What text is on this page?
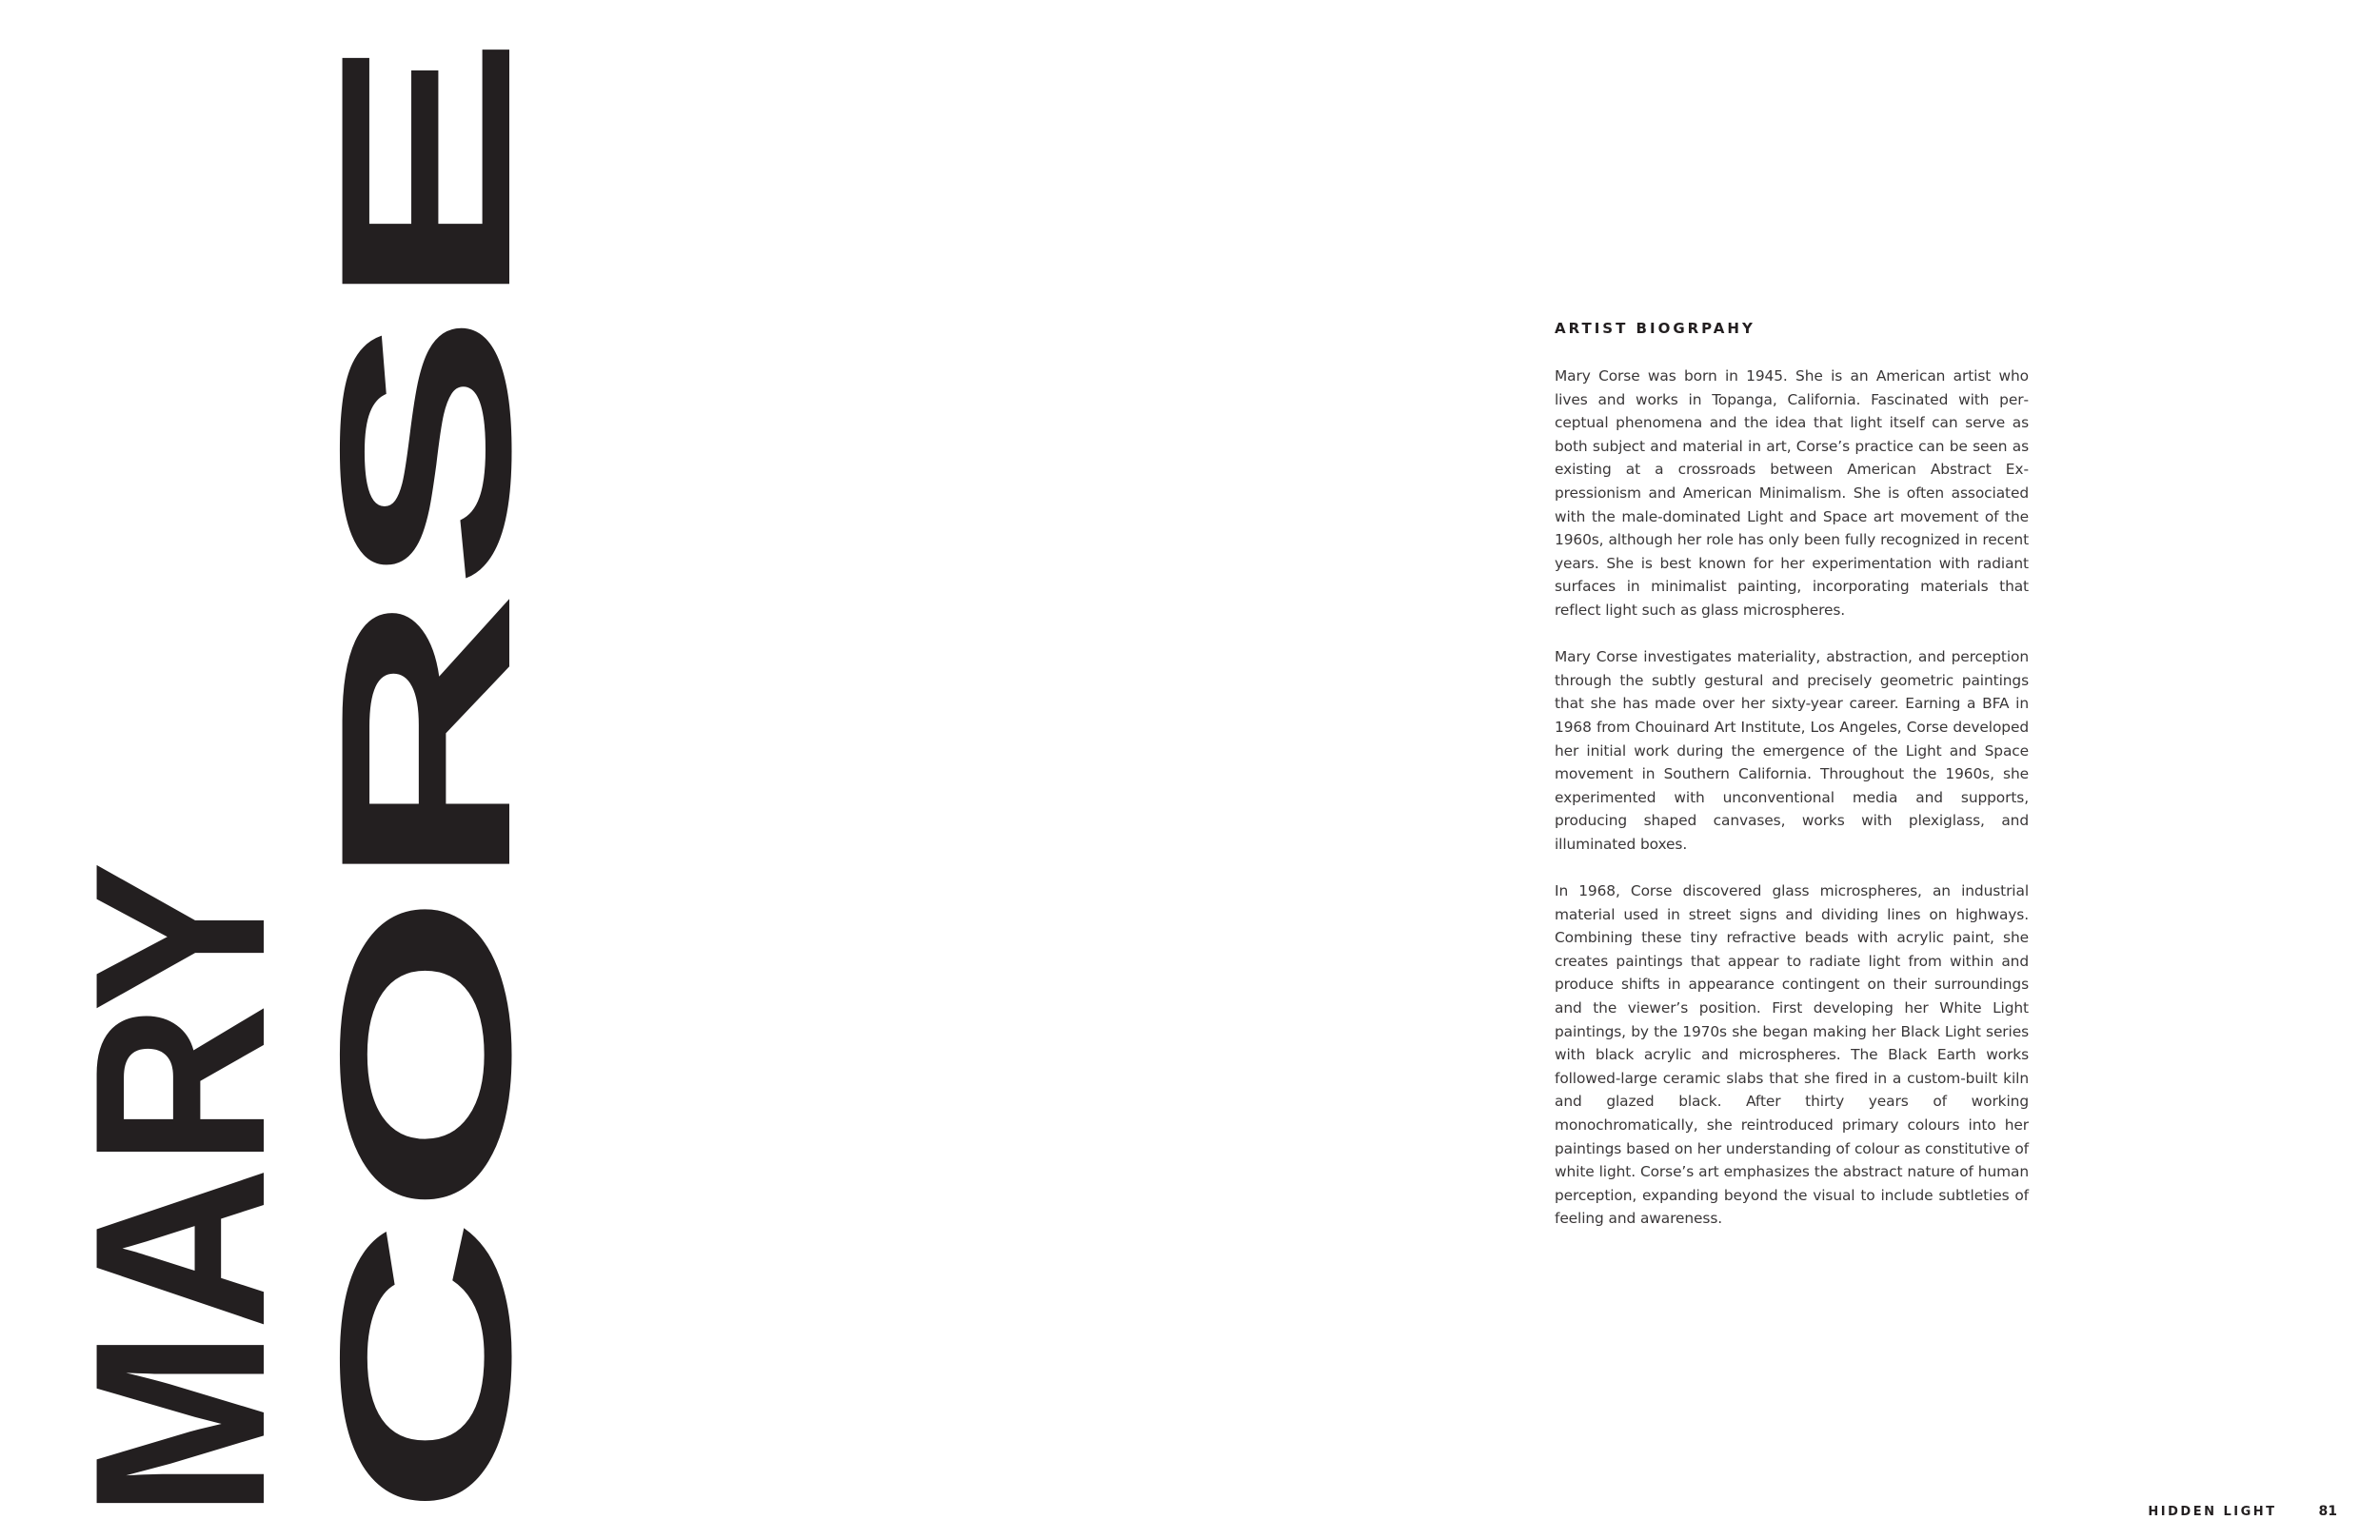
MARY
CORSE
ARTIST BIOGRPAHY

Mary Corse was born in 1945. She is an American artist who lives and works in Topanga, California. Fascinated with perceptual phenomena and the idea that light itself can serve as both subject and material in art, Corse’s practice can be seen as existing at a crossroads between American Abstract Expressionism and American Minimalism. She is often associated with the male-dominated Light and Space art movement of the 1960s, although her role has only been fully recognized in recent years. She is best known for her experimentation with radiant surfaces in minimalist painting, incorporating materials that reflect light such as glass microspheres.

Mary Corse investigates materiality, abstraction, and perception through the subtly gestural and precisely geometric paintings that she has made over her sixty-year career. Earning a BFA in 1968 from Chouinard Art Institute, Los Angeles, Corse developed her initial work during the emergence of the Light and Space movement in Southern California. Throughout the 1960s, she experimented with unconventional media and supports, producing shaped canvases, works with plexiglass, and illuminated boxes.

In 1968, Corse discovered glass microspheres, an industrial material used in street signs and dividing lines on highways. Combining these tiny refractive beads with acrylic paint, she creates paintings that appear to radiate light from within and produce shifts in appearance contingent on their surroundings and the viewer’s position. First developing her White Light paintings, by the 1970s she began making her Black Light series with black acrylic and microspheres. The Black Earth works followed-large ceramic slabs that she fired in a custom-built kiln and glazed black. After thirty years of working monochromatically, she reintroduced primary colours into her paintings based on her understanding of colour as constitutive of white light. Corse’s art emphasizes the abstract nature of human perception, expanding beyond the visual to include subtleties of feeling and awareness.

HIDDEN LIGHT	81
